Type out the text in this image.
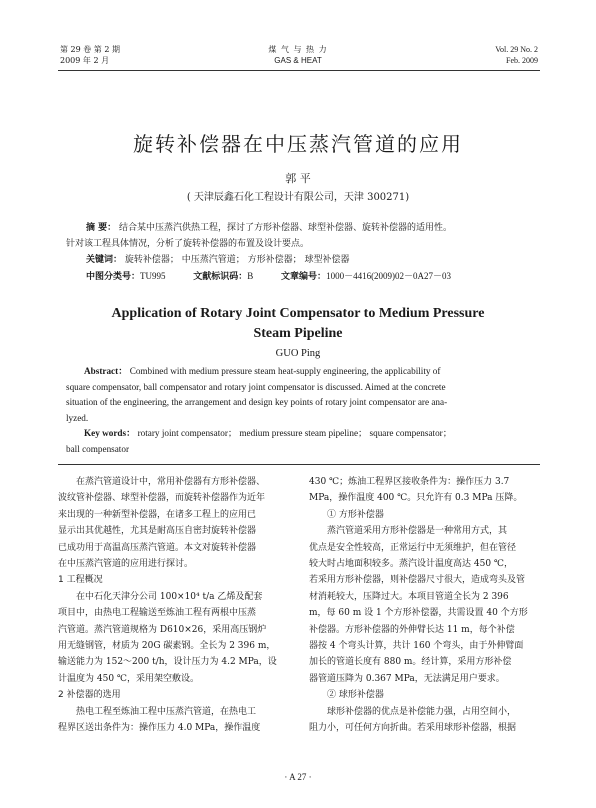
第 29 卷 第 2 期
2009 年 2 月
煤 气 与 热 力
GAS & HEAT
Vol. 29 No. 2
Feb. 2009
旋转补偿器在中压蒸汽管道的应用
郭 平
( 天津辰鑫石化工程设计有限公司，天津 300271)
摘 要： 结合某中压蒸汽供热工程，探讨了方形补偿器、球型补偿器、旋转补偿器的适用性。
针对该工程具体情况，分析了旋转补偿器的布置及设计要点。
关键词： 旋转补偿器； 中压蒸汽管道； 方形补偿器； 球型补偿器
中图分类号：TU995	文献标识码：B	文章编号：1000－4416(2009)02－0A27－03
Application of Rotary Joint Compensator to Medium Pressure
Steam Pipeline
GUO Ping
Abstract： Combined with medium pressure steam heat-supply engineering, the applicability of
square compensator, ball compensator and rotary joint compensator is discussed. Aimed at the concrete
situation of the engineering, the arrangement and design key points of rotary joint compensator are ana-
lyzed.
Key words： rotary joint compensator； medium pressure steam pipeline； square compensator；
ball compensator

在蒸汽管道设计中，常用补偿器有方形补偿器、

波纹管补偿器、球型补偿器，而旋转补偿器作为近年

来出现的一种新型补偿器，在诸多工程上的应用已

显示出其优越性，尤其是耐高压自密封旋转补偿器

已成功用于高温高压蒸汽管道。本文对旋转补偿器

在中压蒸汽管道的应用进行探讨。

1 工程概况

在中石化天津分公司 100×10⁴ t/a 乙烯及配套

项目中，由热电工程输送至炼油工程有两根中压蒸

汽管道。蒸汽管道规格为 D610×26，采用高压钢炉

用无缝钢管，材质为 20G 碳素钢。全长为 2 396 m，

输送能力为 152～200 t/h，设计压力为 4.2 MPa，设

计温度为 450 ℃，采用架空敷设。

2 补偿器的选用

热电工程至炼油工程中压蒸汽管道，在热电工

程界区送出条件为：操作压力 4.0 MPa，操作温度

430 ℃；炼油工程界区接收条件为：操作压力 3.7

MPa，操作温度 400 ℃。只允许有 0.3 MPa 压降。

① 方形补偿器

蒸汽管道采用方形补偿器是一种常用方式，其

优点是安全性较高，正常运行中无须维护，但在管径

较大时占地面积较多。蒸汽设计温度高达 450 ℃，

若采用方形补偿器，则补偿器尺寸很大，造成弯头及管

材消耗较大，压降过大。本项目管道全长为 2 396

m，每 60 m 设 1 个方形补偿器，共需设置 40 个方形

补偿器。方形补偿器的外伸臂长达 11 m，每个补偿

器按 4 个弯头计算，共计 160 个弯头，由于外伸臂面

加长的管道长度有 880 m。经计算，采用方形补偿

器管道压降为 0.367 MPa，无法满足用户要求。

② 球形补偿器

球形补偿器的优点是补偿能力强，占用空间小，

阻力小，可任何方向折曲。若采用球形补偿器，根据

· A 27 ·
